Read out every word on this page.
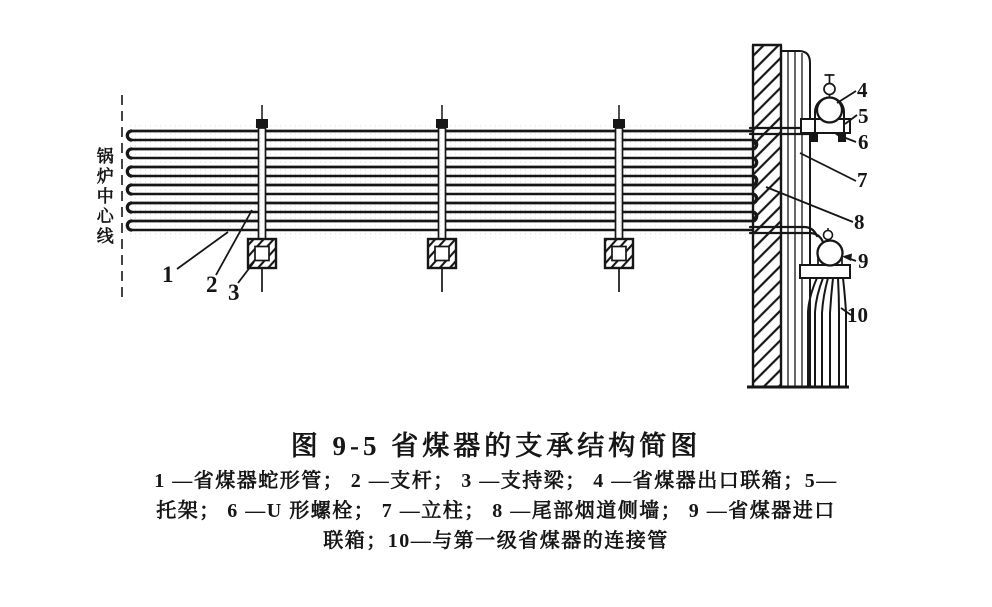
锅炉中心线
1 2 3
4
5
6
7
8
9
10
图 9-5 省煤器的支承结构简图
1 —省煤器蛇形管； 2 —支杆； 3 —支持梁； 4 —省煤器出口联箱；5—
托架； 6 —U 形螺栓； 7 —立柱； 8 —尾部烟道侧墙； 9 —省煤器进口
联箱；10—与第一级省煤器的连接管
